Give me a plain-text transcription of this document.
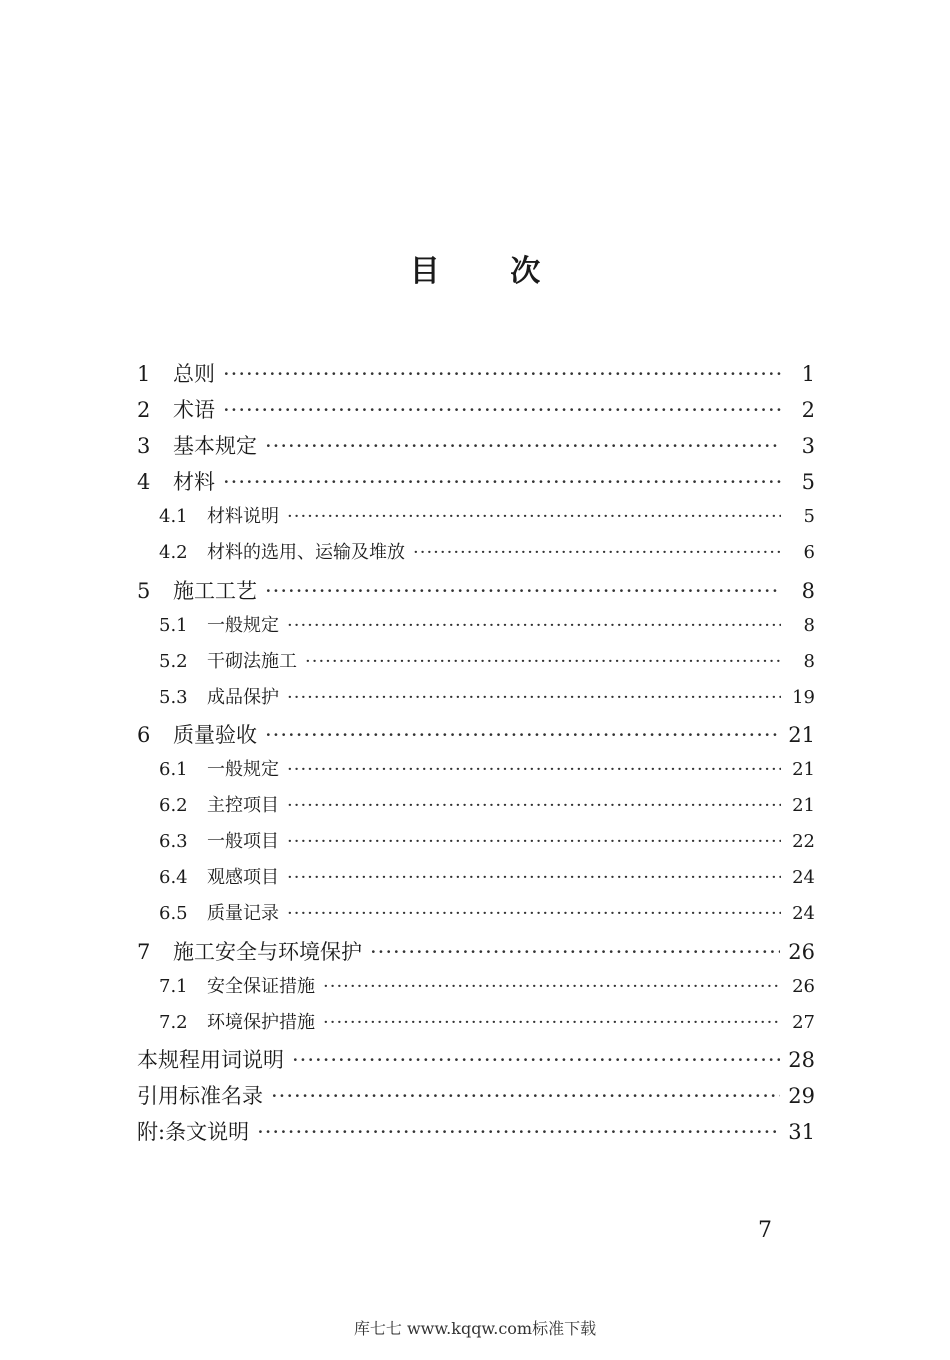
目 次
1	总则 ·····	1
2	术语 ·····	2
3	基本规定 ·····	3
4	材料 ·····	5
4.1	材料说明 ·····	5
4.2	材料的选用、运输及堆放 ·····	6
5	施工工艺 ·····	8
5.1	一般规定 ·····	8
5.2	干砌法施工 ·····	8
5.3	成品保护 ·····	19
6	质量验收 ·····	21
6.1	一般规定 ·····	21
6.2	主控项目 ·····	21
6.3	一般项目 ·····	22
6.4	观感项目 ·····	24
6.5	质量记录 ·····	24
7	施工安全与环境保护 ·····	26
7.1	安全保证措施 ·····	26
7.2	环境保护措施 ·····	27
本规程用词说明 ·····	28
引用标准名录 ·····	29
附:条文说明 ·····	31
7
库七七 www.kqqw.com标准下载
